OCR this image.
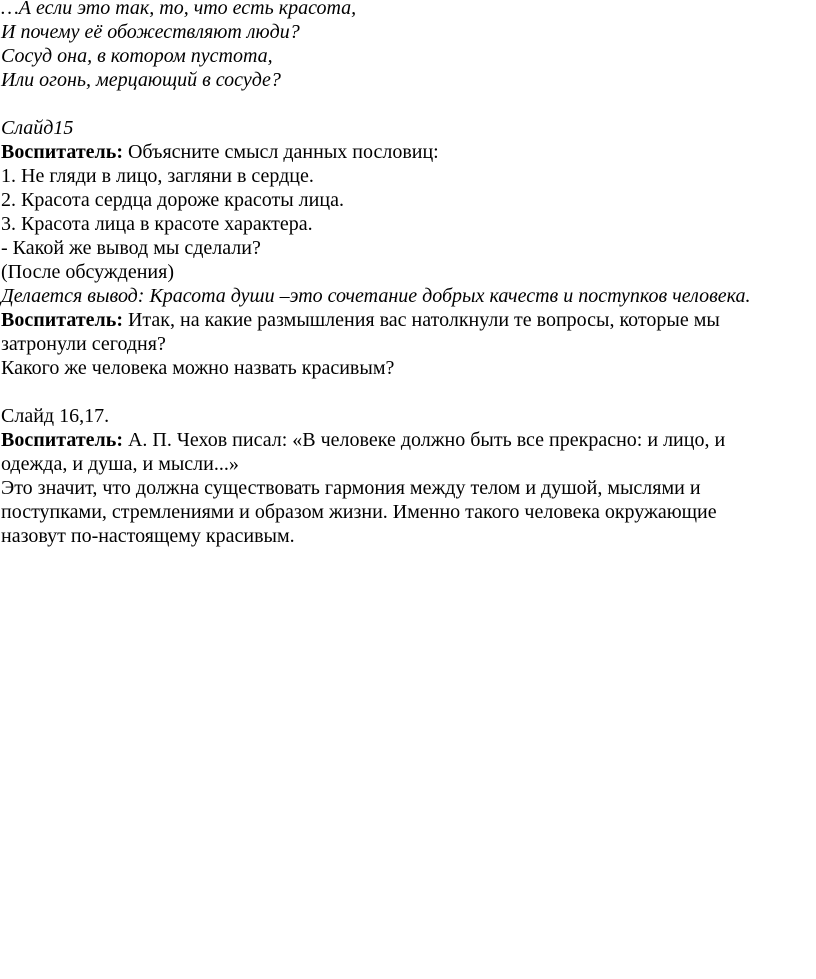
…А если это так, то, что есть красота,
И почему её обожествляют люди?
Сосуд она, в котором пустота,
Или огонь, мерцающий в сосуде?
Слайд15
Воспитатель: Объясните смысл данных пословиц:
1. Не гляди в лицо, загляни в сердце.
2. Красота сердца дороже красоты лица.
3. Красота лица в красоте характера.
- Какой же вывод мы сделали?
(После обсуждения)
Делается вывод: Красота души –это сочетание добрых качеств и поступков человека.
Воспитатель: Итак, на какие размышления вас натолкнули те вопросы, которые мы
затронули сегодня?
Какого же человека можно назвать красивым?
Слайд 16,17.
Воспитатель: А. П. Чехов писал: «В человеке должно быть все прекрасно: и лицо, и
одежда, и душа, и мысли...»
Это значит, что должна существовать гармония между телом и душой, мыслями и
поступками, стремлениями и образом жизни. Именно такого человека окружающие
назовут по-настоящему красивым.
